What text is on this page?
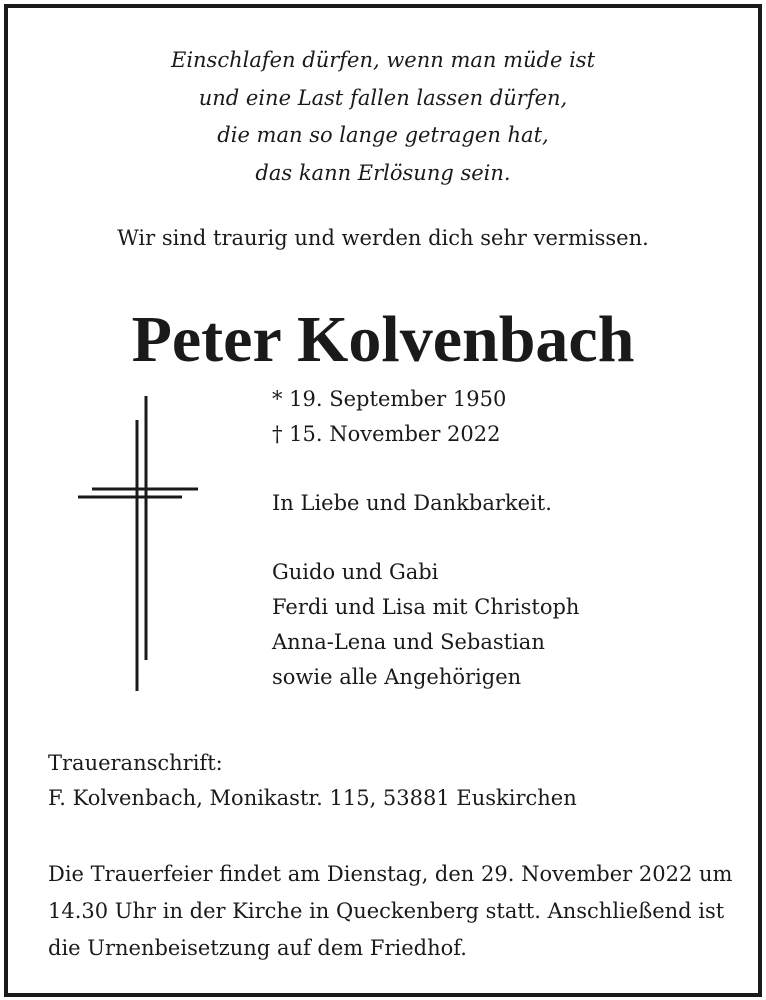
Einschlafen dürfen, wenn man müde ist
und eine Last fallen lassen dürfen,
die man so lange getragen hat,
das kann Erlösung sein.
Wir sind traurig und werden dich sehr vermissen.
Peter Kolvenbach
* 19. September 1950
† 15. November 2022
In Liebe und Dankbarkeit.
Guido und Gabi
Ferdi und Lisa mit Christoph
Anna-Lena und Sebastian
sowie alle Angehörigen
Traueranschrift:
F. Kolvenbach, Monikastr. 115, 53881 Euskirchen
Die Trauerfeier findet am Dienstag, den 29. November 2022 um
14.30 Uhr in der Kirche in Queckenberg statt. Anschließend ist
die Urnenbeisetzung auf dem Friedhof.
